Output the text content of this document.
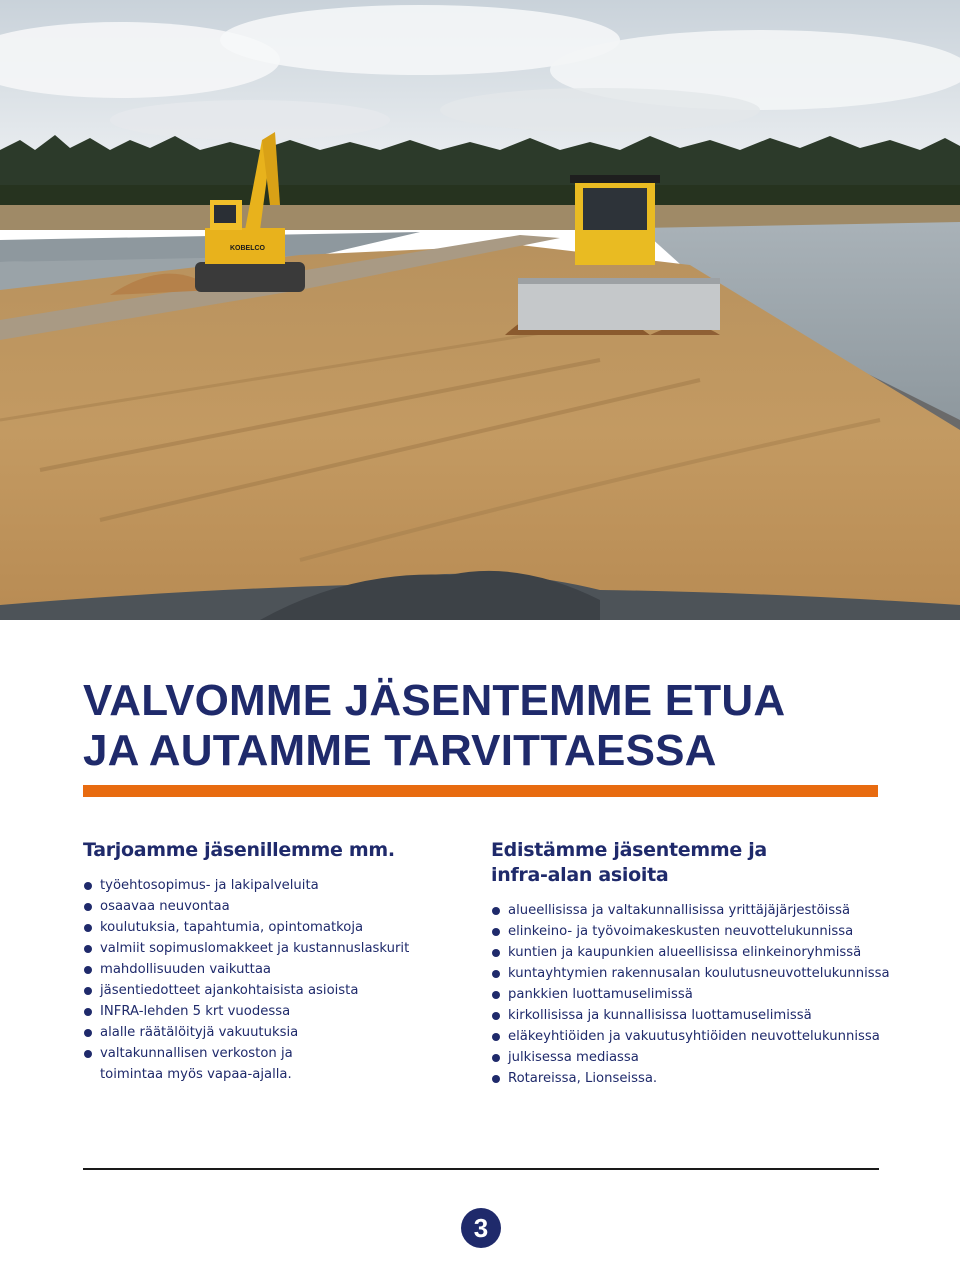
KOBELCO
VALVOMME JÄSENTEMME ETUA
JA AUTAMME TARVITTAESSA
Tarjoamme jäsenillemme mm.
työehtosopimus- ja lakipalveluita
osaavaa neuvontaa
koulutuksia, tapahtumia, opintomatkoja
valmiit sopimuslomakkeet ja kustannuslaskurit
mahdollisuuden vaikuttaa
jäsentiedotteet ajankohtaisista asioista
INFRA-lehden 5 krt vuodessa
alalle räätälöityjä vakuutuksia
valtakunnallisen verkoston ja
toimintaa myös vapaa-ajalla.
Edistämme jäsentemme ja
infra-alan asioita
alueellisissa ja valtakunnallisissa yrittäjäjärjestöissä
elinkeino- ja työvoimakeskusten neuvottelukunnissa
kuntien ja kaupunkien alueellisissa elinkeinoryhmissä
kuntayhtymien rakennusalan koulutusneuvottelukunnissa
pankkien luottamuselimissä
kirkollisissa ja kunnallisissa luottamuselimissä
eläkeyhtiöiden ja vakuutusyhtiöiden neuvottelukunnissa
julkisessa mediassa
Rotareissa, Lionseissa.
3
